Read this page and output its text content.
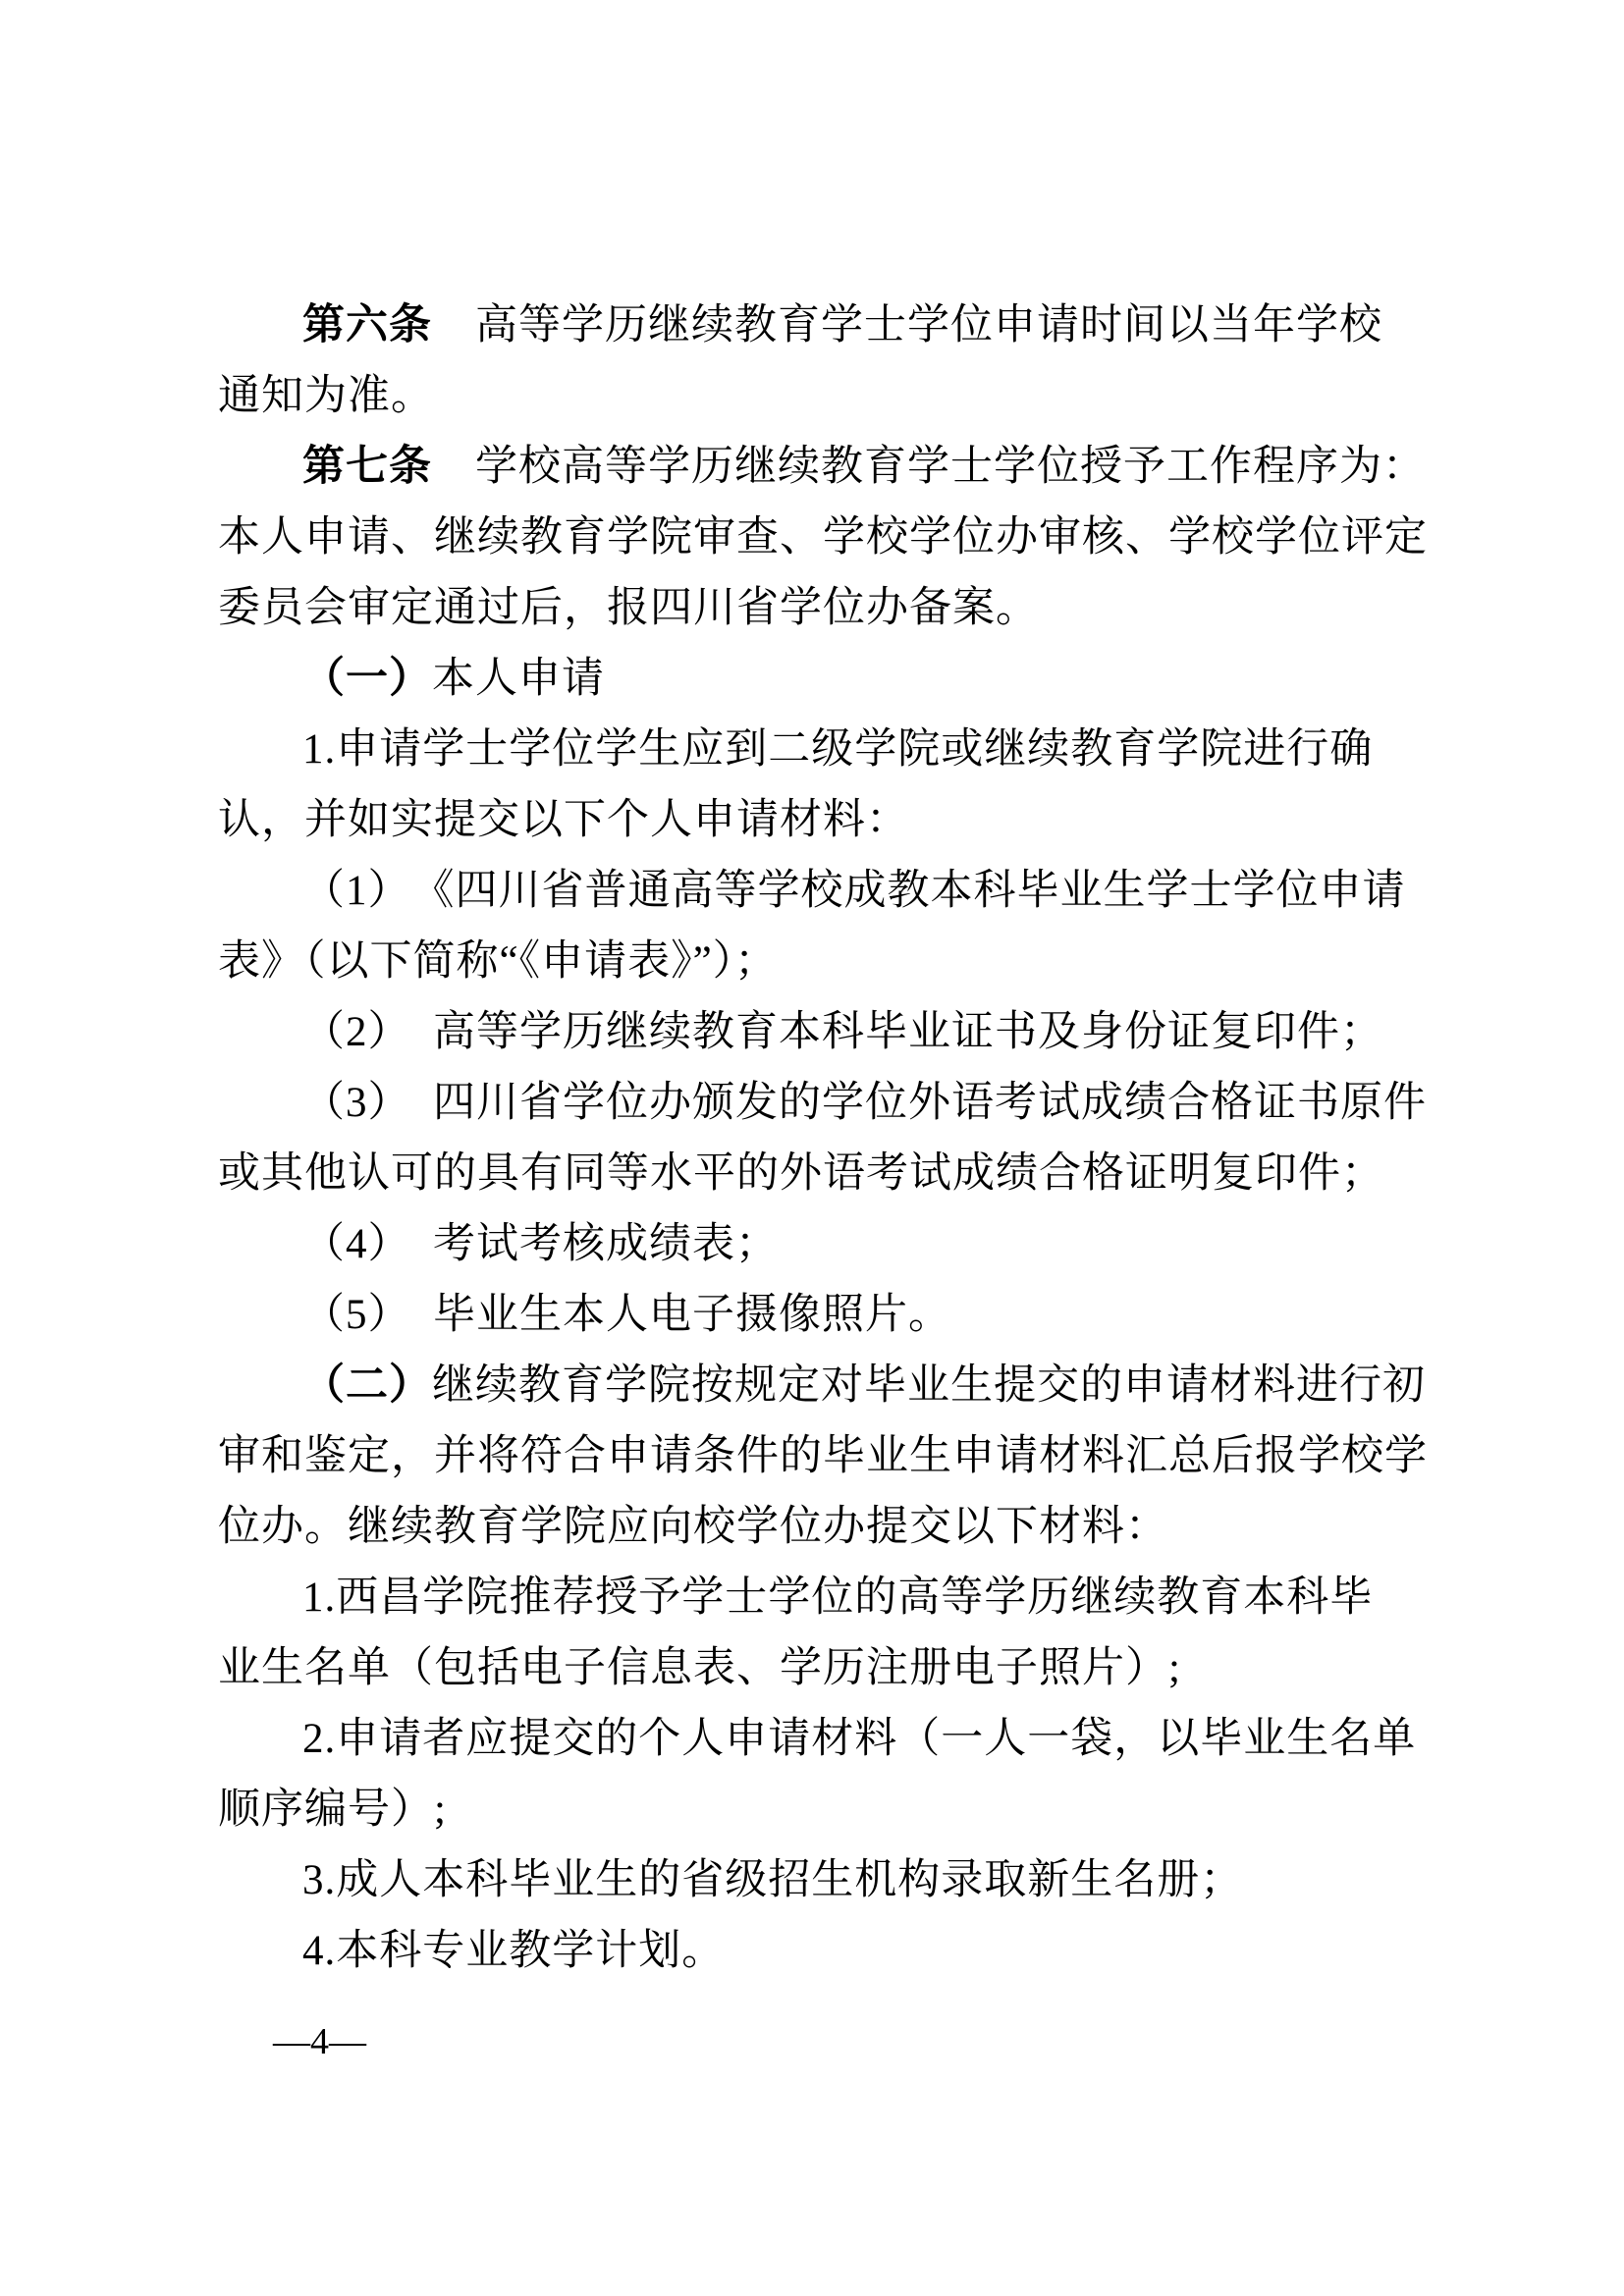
第六条　高等学历继续教育学士学位申请时间以当年学校
通知为准。
第七条　学校高等学历继续教育学士学位授予工作程序为：
本人申请、继续教育学院审查、学校学位办审核、学校学位评定
委员会审定通过后，报四川省学位办备案。
（一）本人申请
1.申请学士学位学生应到二级学院或继续教育学院进行确
认，并如实提交以下个人申请材料：
（1）　《四川省普通高等学校成教本科毕业生学士学位申请
表》（以下简称“《申请表》”）；
（2）　高等学历继续教育本科毕业证书及身份证复印件；
（3）　四川省学位办颁发的学位外语考试成绩合格证书原件
或其他认可的具有同等水平的外语考试成绩合格证明复印件；
（4）　考试考核成绩表；
（5）　毕业生本人电子摄像照片。
（二）继续教育学院按规定对毕业生提交的申请材料进行初
审和鉴定，并将符合申请条件的毕业生申请材料汇总后报学校学
位办。继续教育学院应向校学位办提交以下材料：
1.西昌学院推荐授予学士学位的高等学历继续教育本科毕
业生名单（包括电子信息表、学历注册电子照片）;
2.申请者应提交的个人申请材料（一人一袋，以毕业生名单
顺序编号）;
3.成人本科毕业生的省级招生机构录取新生名册；
4.本科专业教学计划。
—4—
